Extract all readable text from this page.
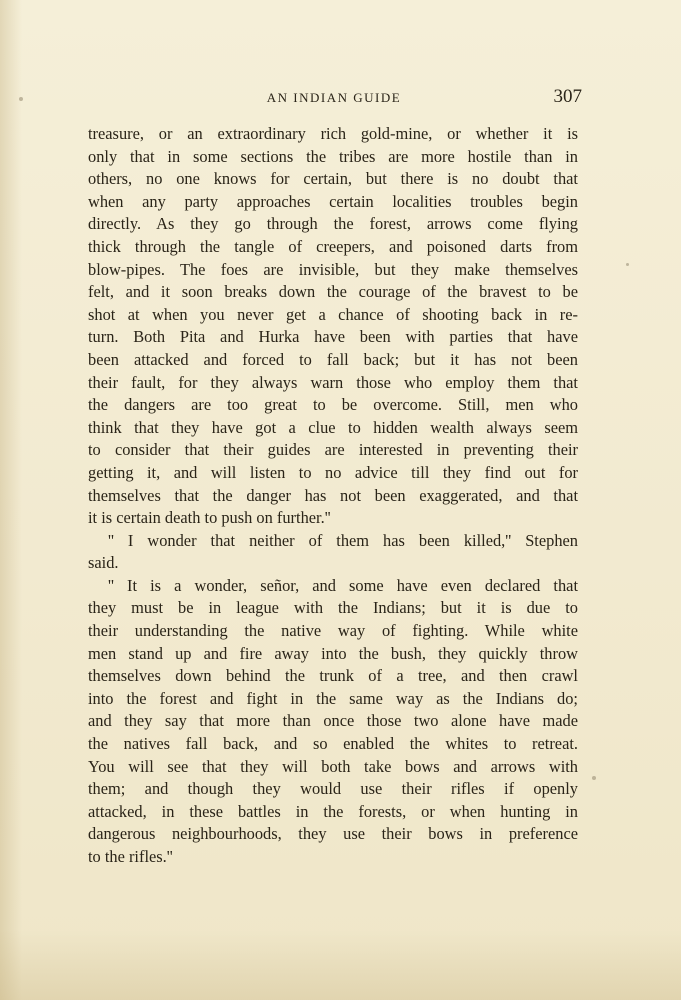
AN INDIAN GUIDE	307

treasure, or an extraordinary rich gold-mine, or whether it is
only that in some sections the tribes are more hostile than in
others, no one knows for certain, but there is no doubt that
when any party approaches certain localities troubles begin
directly. As they go through the forest, arrows come flying
thick through the tangle of creepers, and poisoned darts from
blow-pipes. The foes are invisible, but they make themselves
felt, and it soon breaks down the courage of the bravest to be
shot at when you never get a chance of shooting back in re-
turn. Both Pita and Hurka have been with parties that have
been attacked and forced to fall back; but it has not been
their fault, for they always warn those who employ them that
the dangers are too great to be overcome. Still, men who
think that they have got a clue to hidden wealth always seem
to consider that their guides are interested in preventing their
getting it, and will listen to no advice till they find out for
themselves that the danger has not been exaggerated, and that
it is certain death to push on further.''

'' I wonder that neither of them has been killed,'' Stephen
said.

'' It is a wonder, señor, and some have even declared that
they must be in league with the Indians; but it is due to
their understanding the native way of fighting. While white
men stand up and fire away into the bush, they quickly throw
themselves down behind the trunk of a tree, and then crawl
into the forest and fight in the same way as the Indians do;
and they say that more than once those two alone have made
the natives fall back, and so enabled the whites to retreat.
You will see that they will both take bows and arrows with
them; and though they would use their rifles if openly
attacked, in these battles in the forests, or when hunting in
dangerous neighbourhoods, they use their bows in preference
to the rifles.''
